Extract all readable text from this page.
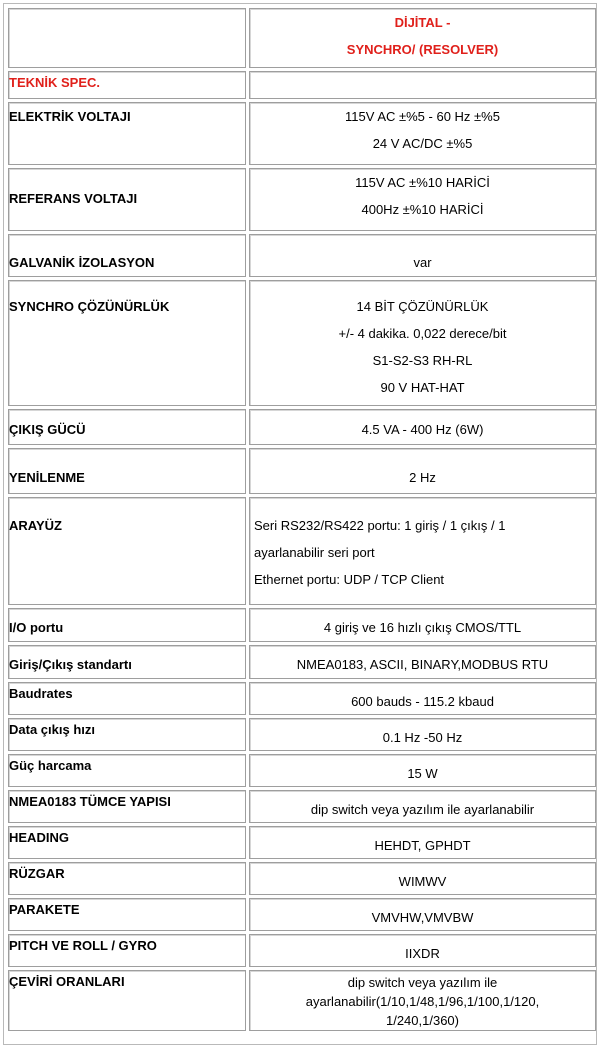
	DİJİTAL -
SYNCHRO/ (RESOLVER)

TEKNİK SPEC.	
ELEKTRİK VOLTAJI	115V AC ±%5 - 60 Hz ±%5
24 V AC/DC ±%5

REFERANS VOLTAJI	115V AC ±%10 HARİCİ
400Hz ±%10 HARİCİ

GALVANİK İZOLASYON	var

SYNCHRO ÇÖZÜNÜRLÜK	14 BİT ÇÖZÜNÜRLÜK
+/- 4 dakika. 0,022 derece/bit
S1-S2-S3 RH-RL
90 V HAT-HAT

ÇIKIŞ GÜCÜ	4.5 VA - 400 Hz (6W)

YENİLENME	2 Hz

ARAYÜZ	Seri RS232/RS422 portu: 1 giriş / 1 çıkış / 1
ayarlanabilir seri port
Ethernet portu: UDP / TCP Client

I/O portu	4 giriş ve 16 hızlı çıkış CMOS/TTL

Giriş/Çıkış standartı	NMEA0183, ASCII, BINARY,MODBUS RTU

Baudrates	600 bauds - 115.2 kbaud

Data çıkış hızı	0.1 Hz -50 Hz

Güç harcama	15 W

NMEA0183 TÜMCE YAPISI	dip switch veya yazılım ile ayarlanabilir

HEADING	HEHDT, GPHDT

RÜZGAR	WIMWV

PARAKETE	VMVHW,VMVBW

PITCH VE ROLL / GYRO	IIXDR

ÇEVİRİ ORANLARI	dip switch veya yazılım ile
ayarlanabilir(1/10,1/48,1/96,1/100,1/120,
1/240,1/360)
